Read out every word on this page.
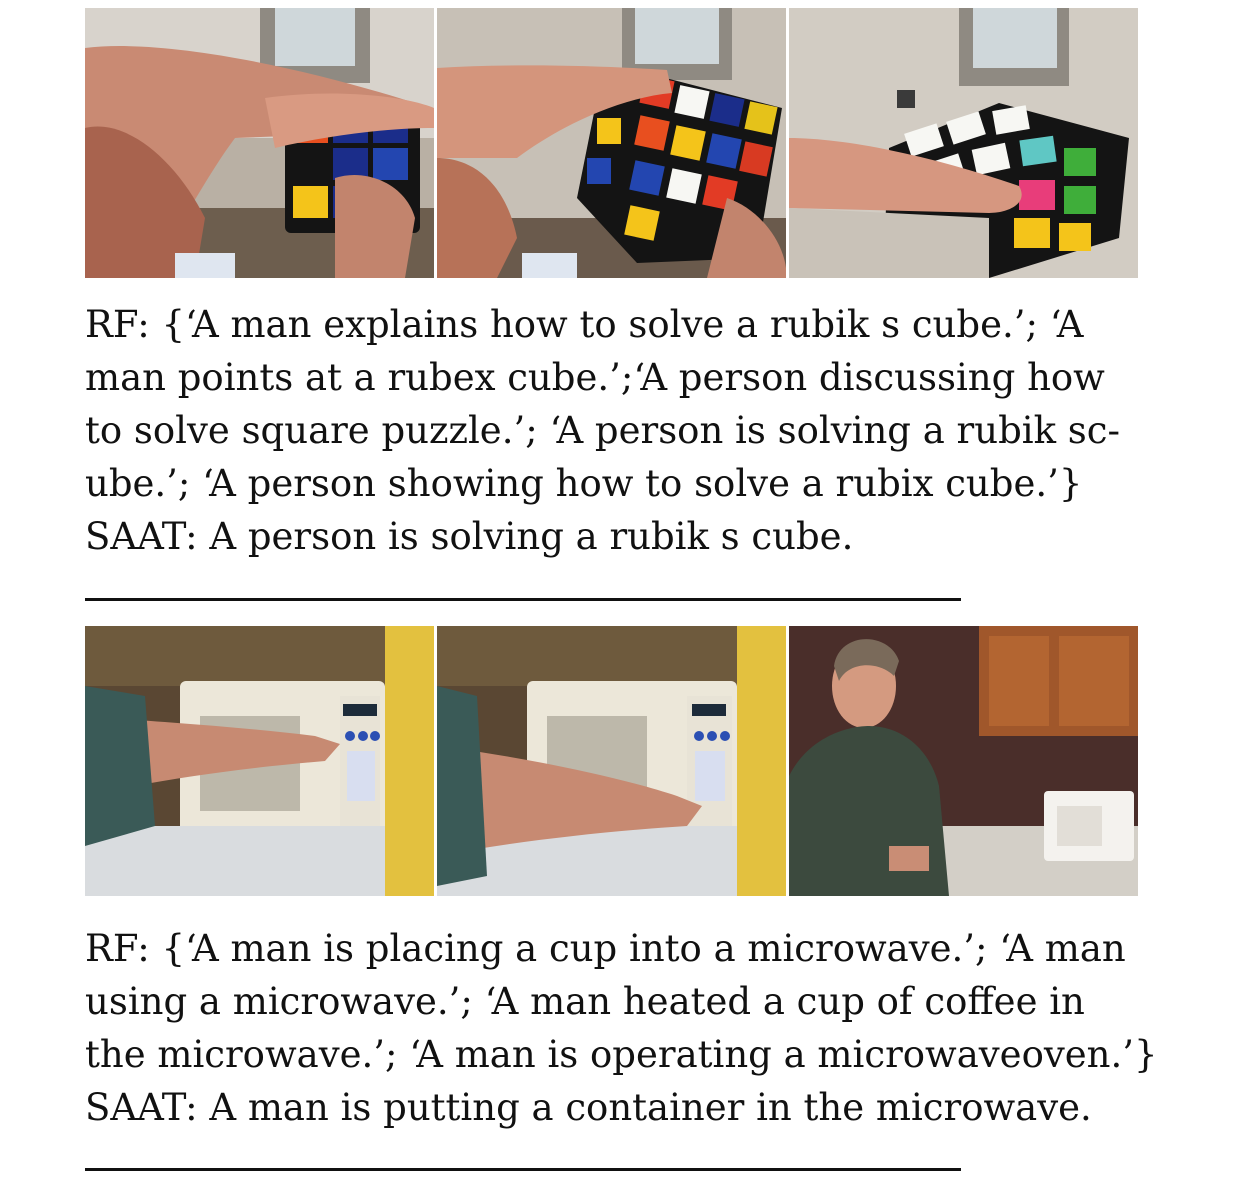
RF: {‘A man explains how to solve a rubik s cube.’; ‘A

man points at a rubex cube.’;‘A person discussing how

to solve square puzzle.’; ‘A person is solving a rubik sc-

ube.’; ‘A person showing how to solve a rubix cube.’}

SAAT: A person is solving a rubik s cube.

RF: {‘A man is placing a cup into a microwave.’; ‘A man

using a microwave.’; ‘A man heated a cup of coffee in

the microwave.’; ‘A man is operating a microwaveoven.’}

SAAT: A man is putting a container in the microwave.
